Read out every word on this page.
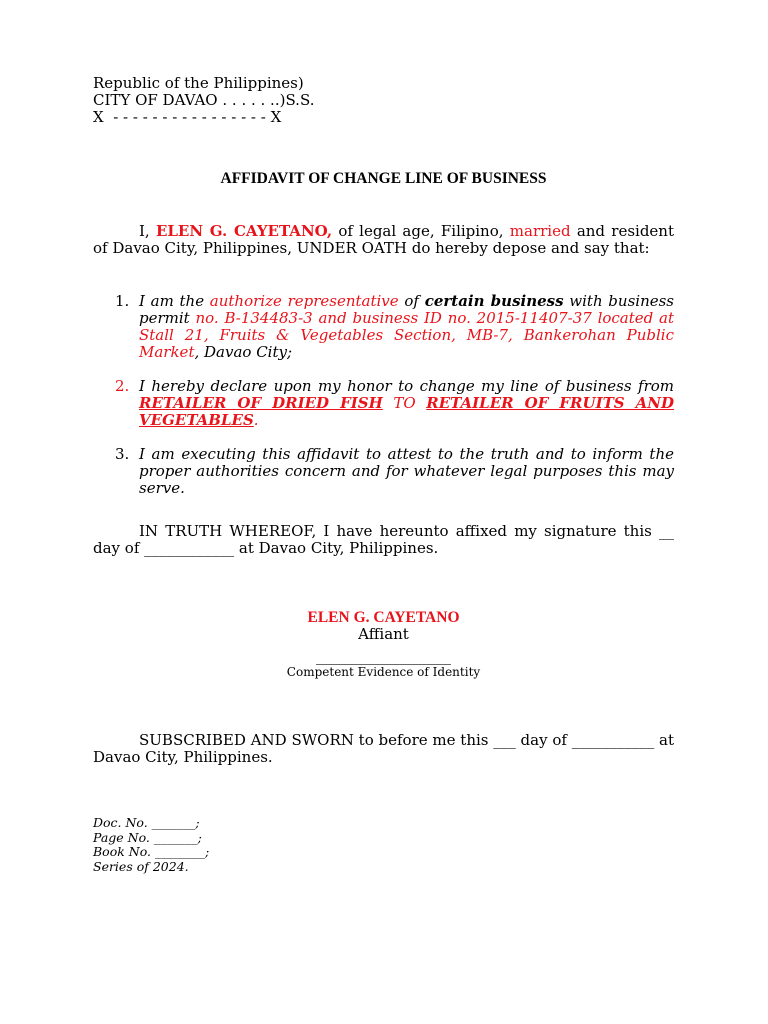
Republic of the Philippines)
CITY OF DAVAO . . . . . ..)S.S.
X  - - - - - - - - - - - - - - - - X
AFFIDAVIT OF CHANGE LINE OF BUSINESS
I, ELEN G. CAYETANO, of legal age, Filipino, married and resident of Davao City, Philippines, UNDER OATH do hereby depose and say that:
1. I am the authorize representative of certain business with business permit no. B-134483-3 and business ID no. 2015-11407-37 located at Stall 21, Fruits & Vegetables Section, MB-7, Bankerohan Public Market, Davao City;
2. I hereby declare upon my honor to change my line of business from RETAILER OF DRIED FISH TO RETAILER OF FRUITS AND VEGETABLES.
3. I am executing this affidavit to attest to the truth and to inform the proper authorities concern and for whatever legal purposes this may serve.
IN TRUTH WHEREOF, I have hereunto affixed my signature this __ day of ____________ at Davao City, Philippines.
ELEN G. CAYETANO
Affiant
__________________
Competent Evidence of Identity
SUBSCRIBED AND SWORN to before me this ___ day of ___________ at Davao City, Philippines.
Doc. No. _______;
Page No. _______;
Book No. ________;
Series of 2024.
